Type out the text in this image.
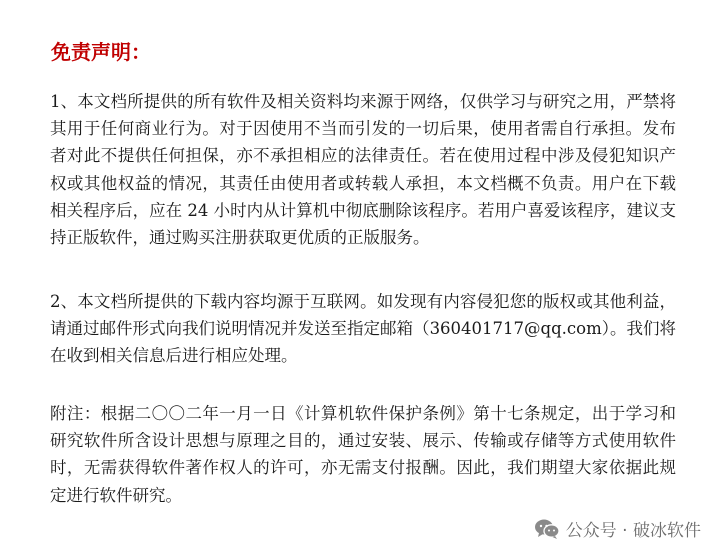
免责声明：
1、本文档所提供的所有软件及相关资料均来源于网络，仅供学习与研究之用，严禁将其用于任何商业行为。对于因使用不当而引发的一切后果，使用者需自行承担。发布者对此不提供任何担保，亦不承担相应的法律责任。若在使用过程中涉及侵犯知识产权或其他权益的情况，其责任由使用者或转载人承担，本文档概不负责。用户在下载相关程序后，应在 24 小时内从计算机中彻底删除该程序。若用户喜爱该程序，建议支持正版软件，通过购买注册获取更优质的正版服务。
2、本文档所提供的下载内容均源于互联网。如发现有内容侵犯您的版权或其他利益，请通过邮件形式向我们说明情况并发送至指定邮箱（360401717@qq.com）。我们将在收到相关信息后进行相应处理。
附注：根据二〇〇二年一月一日《计算机软件保护条例》第十七条规定，出于学习和研究软件所含设计思想与原理之目的，通过安装、展示、传输或存储等方式使用软件时，无需获得软件著作权人的许可，亦无需支付报酬。因此，我们期望大家依据此规定进行软件研究。
公众号 · 破冰软件
